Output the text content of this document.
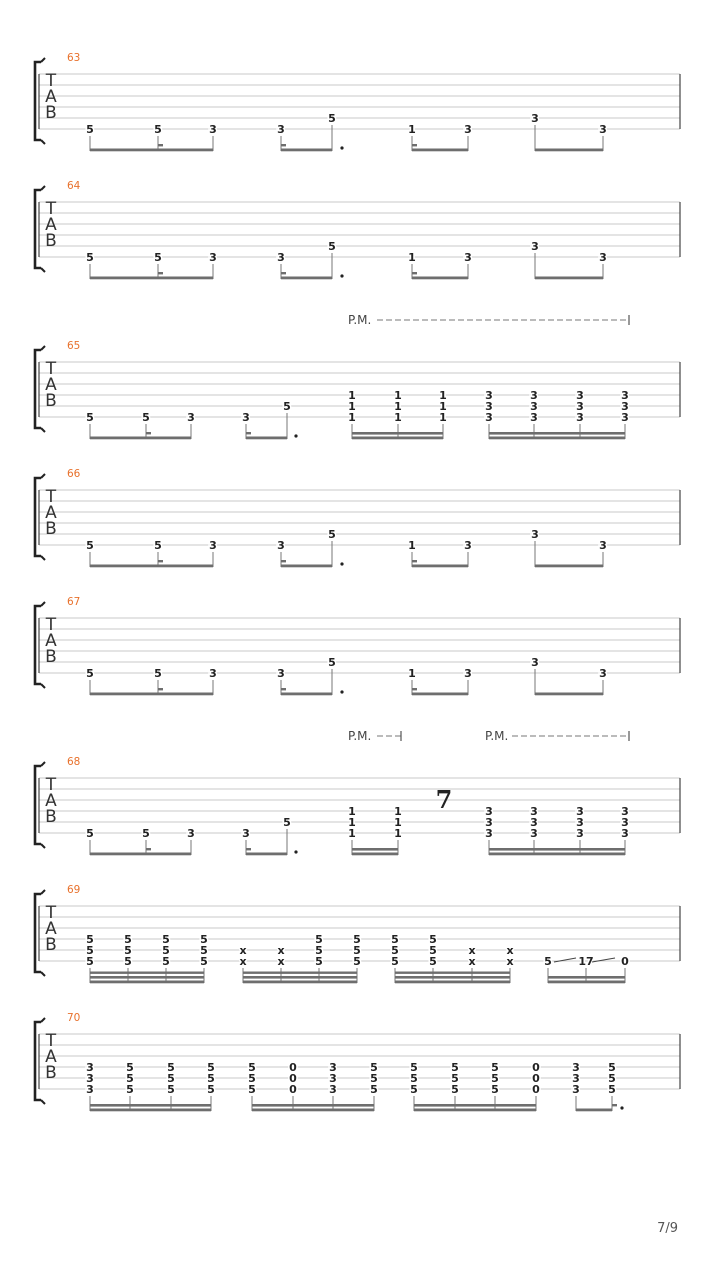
T
A
B
63
5	5	3	3
5
1	3
3
3
T
A
B
64
5	5	3	3
5
1	3
3
3
T
A
B
65
P.M.
5	5	3	3
5
1
1
1
1
1
1
1
1
1
3
3
3
3
3
3
3
3
3
3
3
3
T
A
B
66
5	5	3	3
5
1	3
3
3
T
A
B
67
5	5	3	3
5
1	3
3
3
T
A
B
68
P.M.	P.M.
7
5	5	3	3
5
1
1
1
1
1
1
3
3
3
3
3
3
3
3
3
3
3
3
T
A
B
69
5
5
5
5
5
5
5
5
5
5
5
5
x
x
x
x
5
5
5
5
5
5
5
5
5
5
5
5
x
x
x
x	5 17	0
T
A
B
70
3
3
3
5
5
5
5
5
5
5
5
5
5
5
5
0
0
0
3
3
3
5
5
5
5
5
5
5
5
5
5
5
5
0
0
0
3
3
3
5
5
5
7/9
